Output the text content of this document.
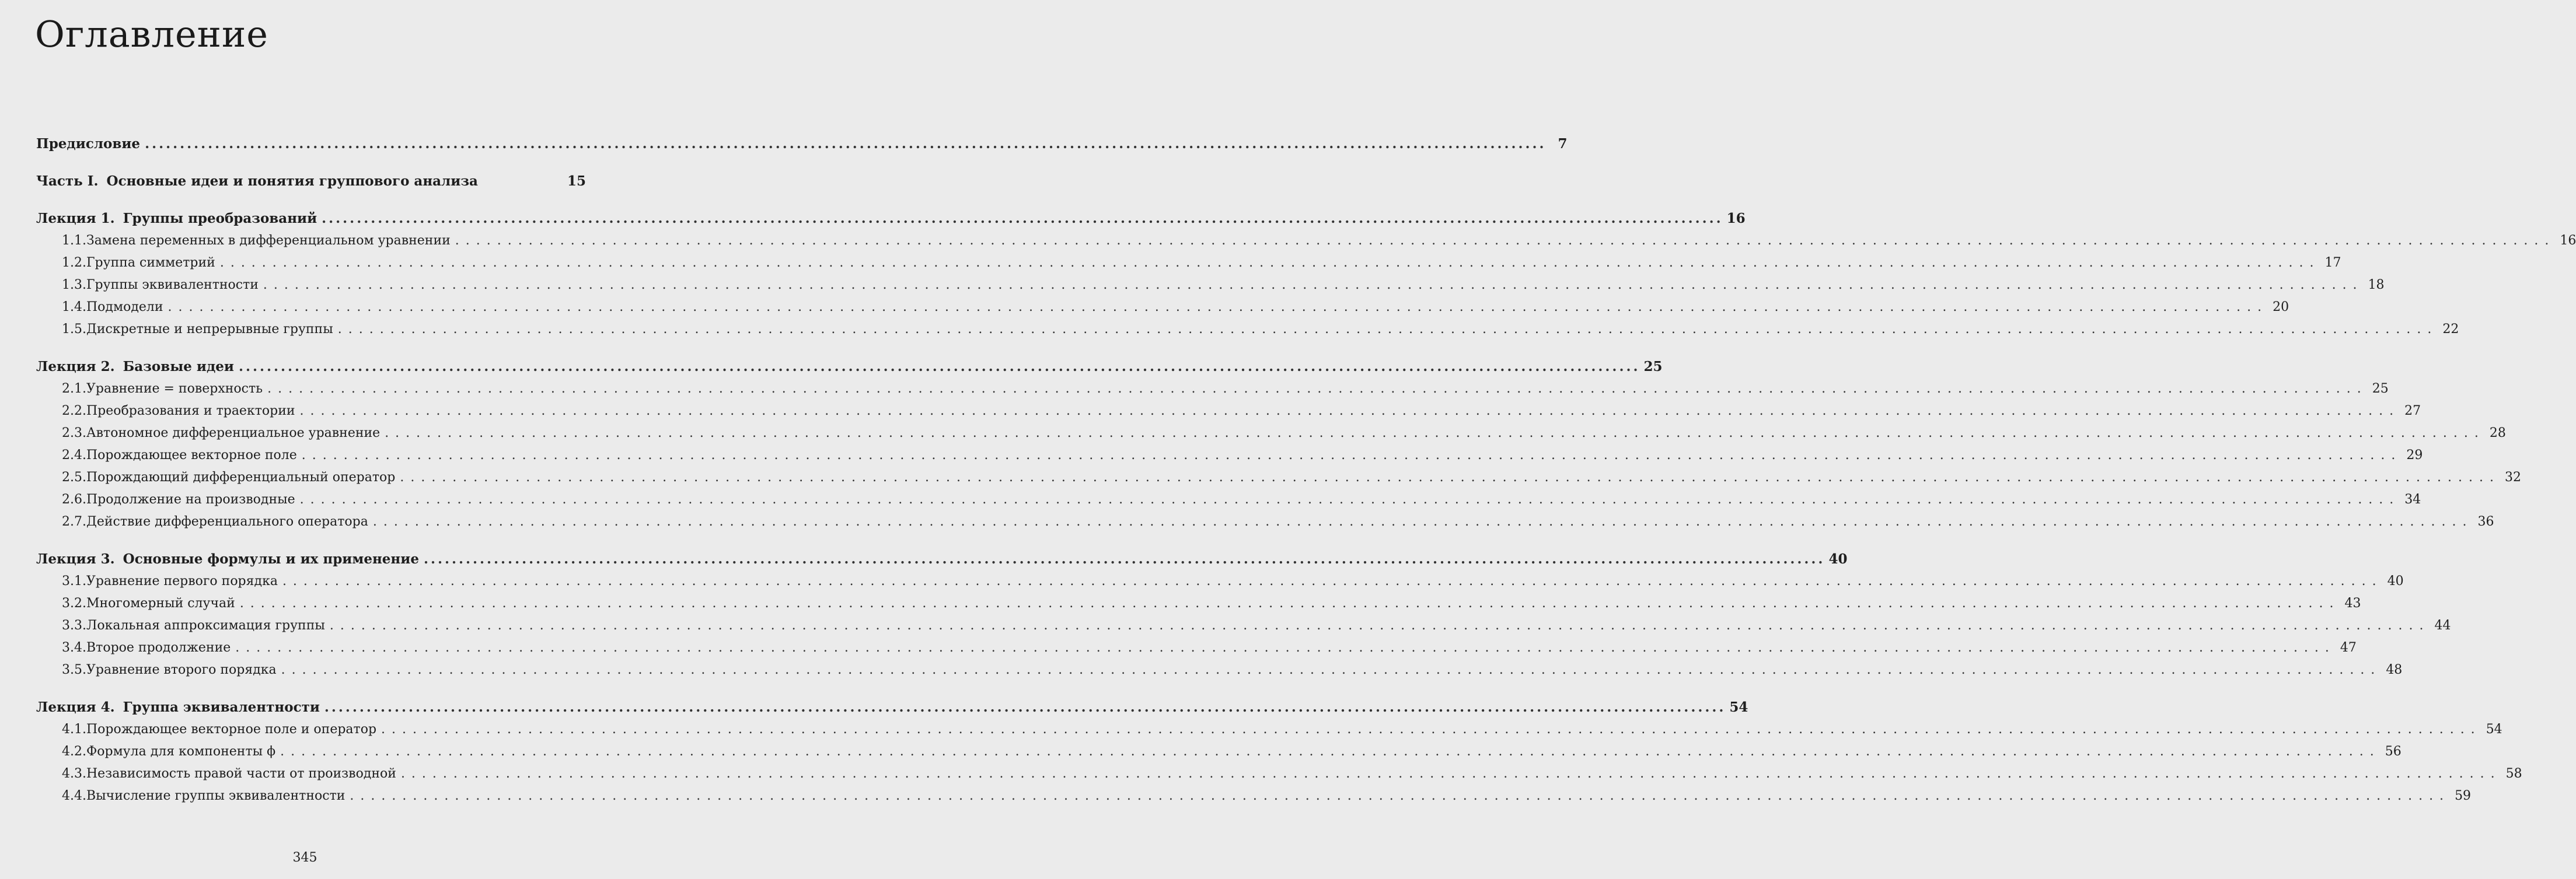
Оглавление
Предисловие ........................................................................................................................................................................................................ 7
Часть I. Основные идеи и понятия группового анализа	15
Лекция 1. Группы преобразований ........................................................................................................................................................................................................ 16
1.1. Замена переменных в дифференциальном уравнении ........................................................................................................................................................................................................ 16
1.2. Группа симметрий ........................................................................................................................................................................................................ 17
1.3. Группы эквивалентности ........................................................................................................................................................................................................ 18
1.4. Подмодели ........................................................................................................................................................................................................ 20
1.5. Дискретные и непрерывные группы ........................................................................................................................................................................................................ 22
Лекция 2. Базовые идеи ........................................................................................................................................................................................................ 25
2.1. Уравнение = поверхность ........................................................................................................................................................................................................ 25
2.2. Преобразования и траектории ........................................................................................................................................................................................................ 27
2.3. Автономное дифференциальное уравнение ........................................................................................................................................................................................................ 28
2.4. Порождающее векторное поле ........................................................................................................................................................................................................ 29
2.5. Порождающий дифференциальный оператор ........................................................................................................................................................................................................ 32
2.6. Продолжение на производные ........................................................................................................................................................................................................ 34
2.7. Действие дифференциального оператора ........................................................................................................................................................................................................ 36
Лекция 3. Основные формулы и их применение ........................................................................................................................................................................................................ 40
3.1. Уравнение первого порядка ........................................................................................................................................................................................................ 40
3.2. Многомерный случай ........................................................................................................................................................................................................ 43
3.3. Локальная аппроксимация группы ........................................................................................................................................................................................................ 44
3.4. Второе продолжение ........................................................................................................................................................................................................ 47
3.5. Уравнение второго порядка ........................................................................................................................................................................................................ 48
Лекция 4. Группа эквивалентности ........................................................................................................................................................................................................ 54
4.1. Порождающее векторное поле и оператор ........................................................................................................................................................................................................ 54
4.2. Формула для компоненты ϕ ........................................................................................................................................................................................................ 56
4.3. Независимость правой части от производной ........................................................................................................................................................................................................ 58
4.4. Вычисление группы эквивалентности ........................................................................................................................................................................................................ 59
345
